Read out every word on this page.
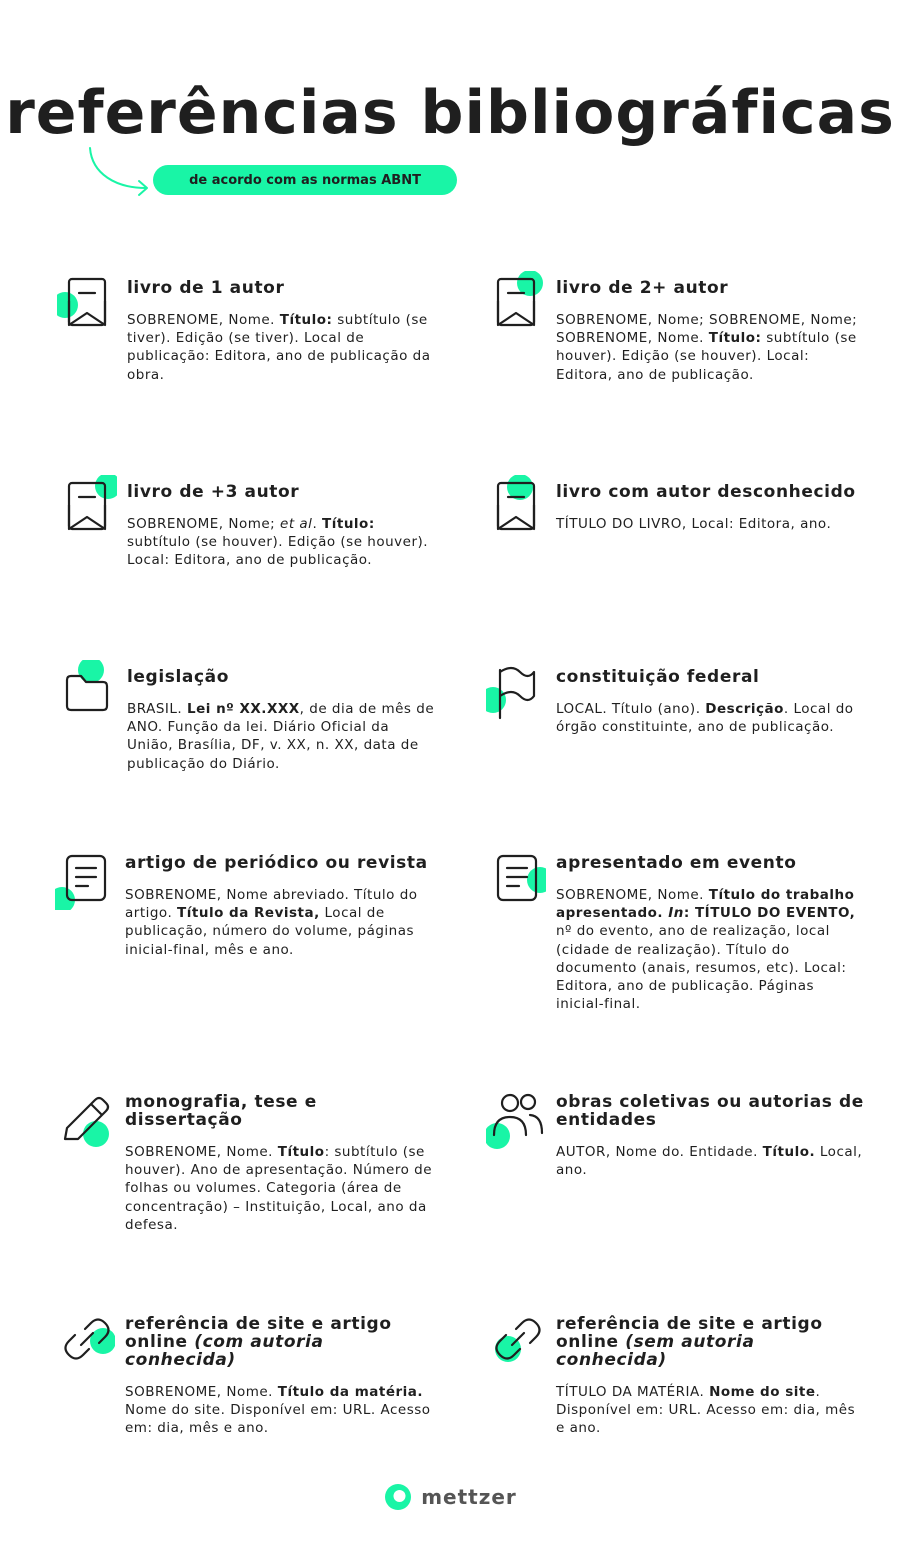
referências bibliográficas
de acordo com as normas ABNT
livro de 1 autor

SOBRENOME, Nome. Título: subtítulo (se tiver). Edição (se tiver). Local de publicação: Editora, ano de publicação da obra.

livro de 2+ autor

SOBRENOME, Nome; SOBRENOME, Nome; SOBRENOME, Nome. Título: subtítulo (se houver). Edição (se houver). Local: Editora, ano de publicação.

livro de +3 autor

SOBRENOME, Nome; et al. Título: subtítulo (se houver). Edição (se houver). Local: Editora, ano de publicação.

livro com autor desconhecido

TÍTULO DO LIVRO, Local: Editora, ano.

legislação

BRASIL. Lei nº XX.XXX, de dia de mês de ANO. Função da lei. Diário Oficial da União, Brasília, DF, v. XX, n. XX, data de publicação do Diário.

constituição federal

LOCAL. Título (ano). Descrição. Local do órgão constituinte, ano de publicação.

artigo de periódico ou revista

SOBRENOME, Nome abreviado. Título do artigo. Título da Revista, Local de publicação, número do volume, páginas inicial-final, mês e ano.

apresentado em evento

SOBRENOME, Nome. Título do trabalho apresentado. In: TÍTULO DO EVENTO, nº do evento, ano de realização, local (cidade de realização). Título do documento (anais, resumos, etc). Local: Editora, ano de publicação. Páginas inicial-final.

monografia, tese e dissertação

SOBRENOME, Nome. Título: subtítulo (se houver). Ano de apresentação. Número de folhas ou volumes. Categoria (área de concentração) – Instituição, Local, ano da defesa.

obras coletivas ou autorias de entidades

AUTOR, Nome do. Entidade. Título. Local, ano.

referência de site e artigo online (com autoria conhecida)

SOBRENOME, Nome. Título da matéria. Nome do site. Disponível em: URL. Acesso em: dia, mês e ano.

referência de site e artigo online (sem autoria conhecida)

TÍTULO DA MATÉRIA. Nome do site. Disponível em: URL. Acesso em: dia, mês e ano.

mettzer
